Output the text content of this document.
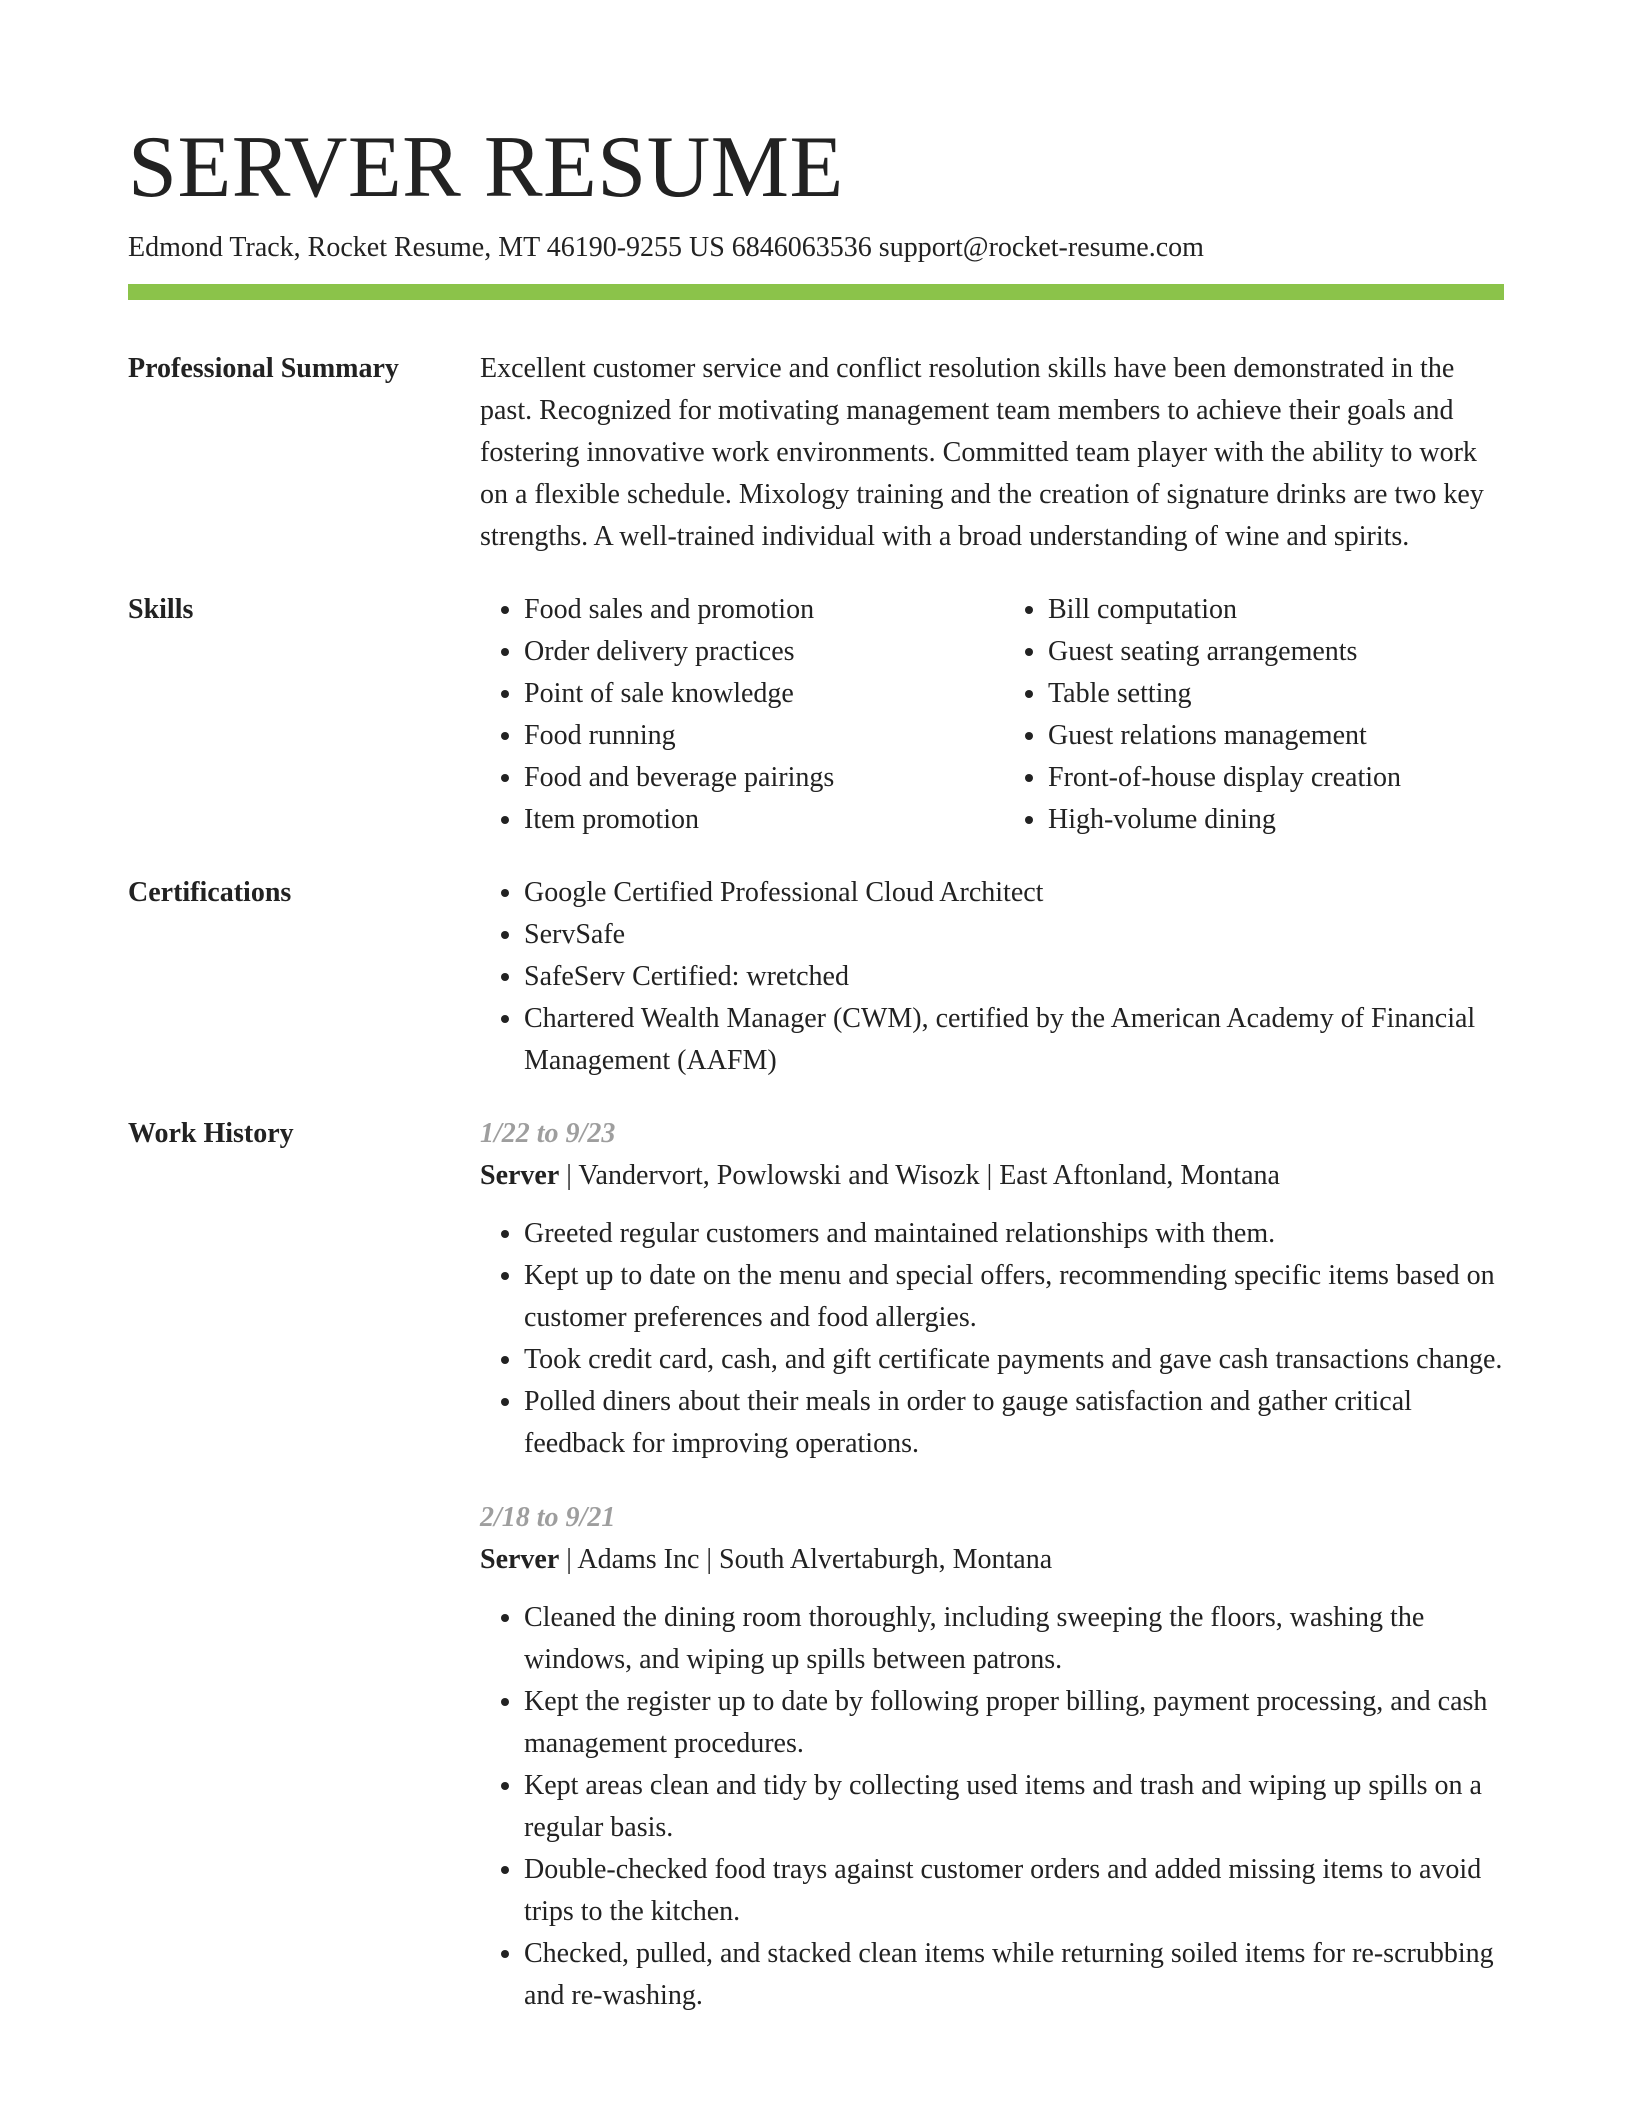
SERVER RESUME
Edmond Track, Rocket Resume, MT 46190-9255 US 6846063536 support@rocket-resume.com
Professional Summary	Excellent customer service and conflict resolution skills have been demonstrated in the past. Recognized for motivating management team members to achieve their goals and fostering innovative work environments. Committed team player with the ability to work on a flexible schedule. Mixology training and the creation of signature drinks are two key strengths. A well-trained individual with a broad understanding of wine and spirits.

Skills	• Food sales and promotion
• Order delivery practices
• Point of sale knowledge
• Food running
• Food and beverage pairings
• Item promotion
• Bill computation
• Guest seating arrangements
• Table setting
• Guest relations management
• Front-of-house display creation
• High-volume dining
Certifications	• Google Certified Professional Cloud Architect
• ServSafe
• SafeServ Certified: wretched
• Chartered Wealth Manager (CWM), certified by the American Academy of Financial Management (AAFM)
Work History	1/22 to 9/23
Server | Vandervort, Powlowski and Wisozk | East Aftonland, Montana
• Greeted regular customers and maintained relationships with them.
• Kept up to date on the menu and special offers, recommending specific items based on customer preferences and food allergies.
• Took credit card, cash, and gift certificate payments and gave cash transactions change.
• Polled diners about their meals in order to gauge satisfaction and gather critical feedback for improving operations.
2/18 to 9/21
Server | Adams Inc | South Alvertaburgh, Montana
• Cleaned the dining room thoroughly, including sweeping the floors, washing the windows, and wiping up spills between patrons.
• Kept the register up to date by following proper billing, payment processing, and cash management procedures.
• Kept areas clean and tidy by collecting used items and trash and wiping up spills on a regular basis.
• Double-checked food trays against customer orders and added missing items to avoid trips to the kitchen.
• Checked, pulled, and stacked clean items while returning soiled items for re-scrubbing and re-washing.
